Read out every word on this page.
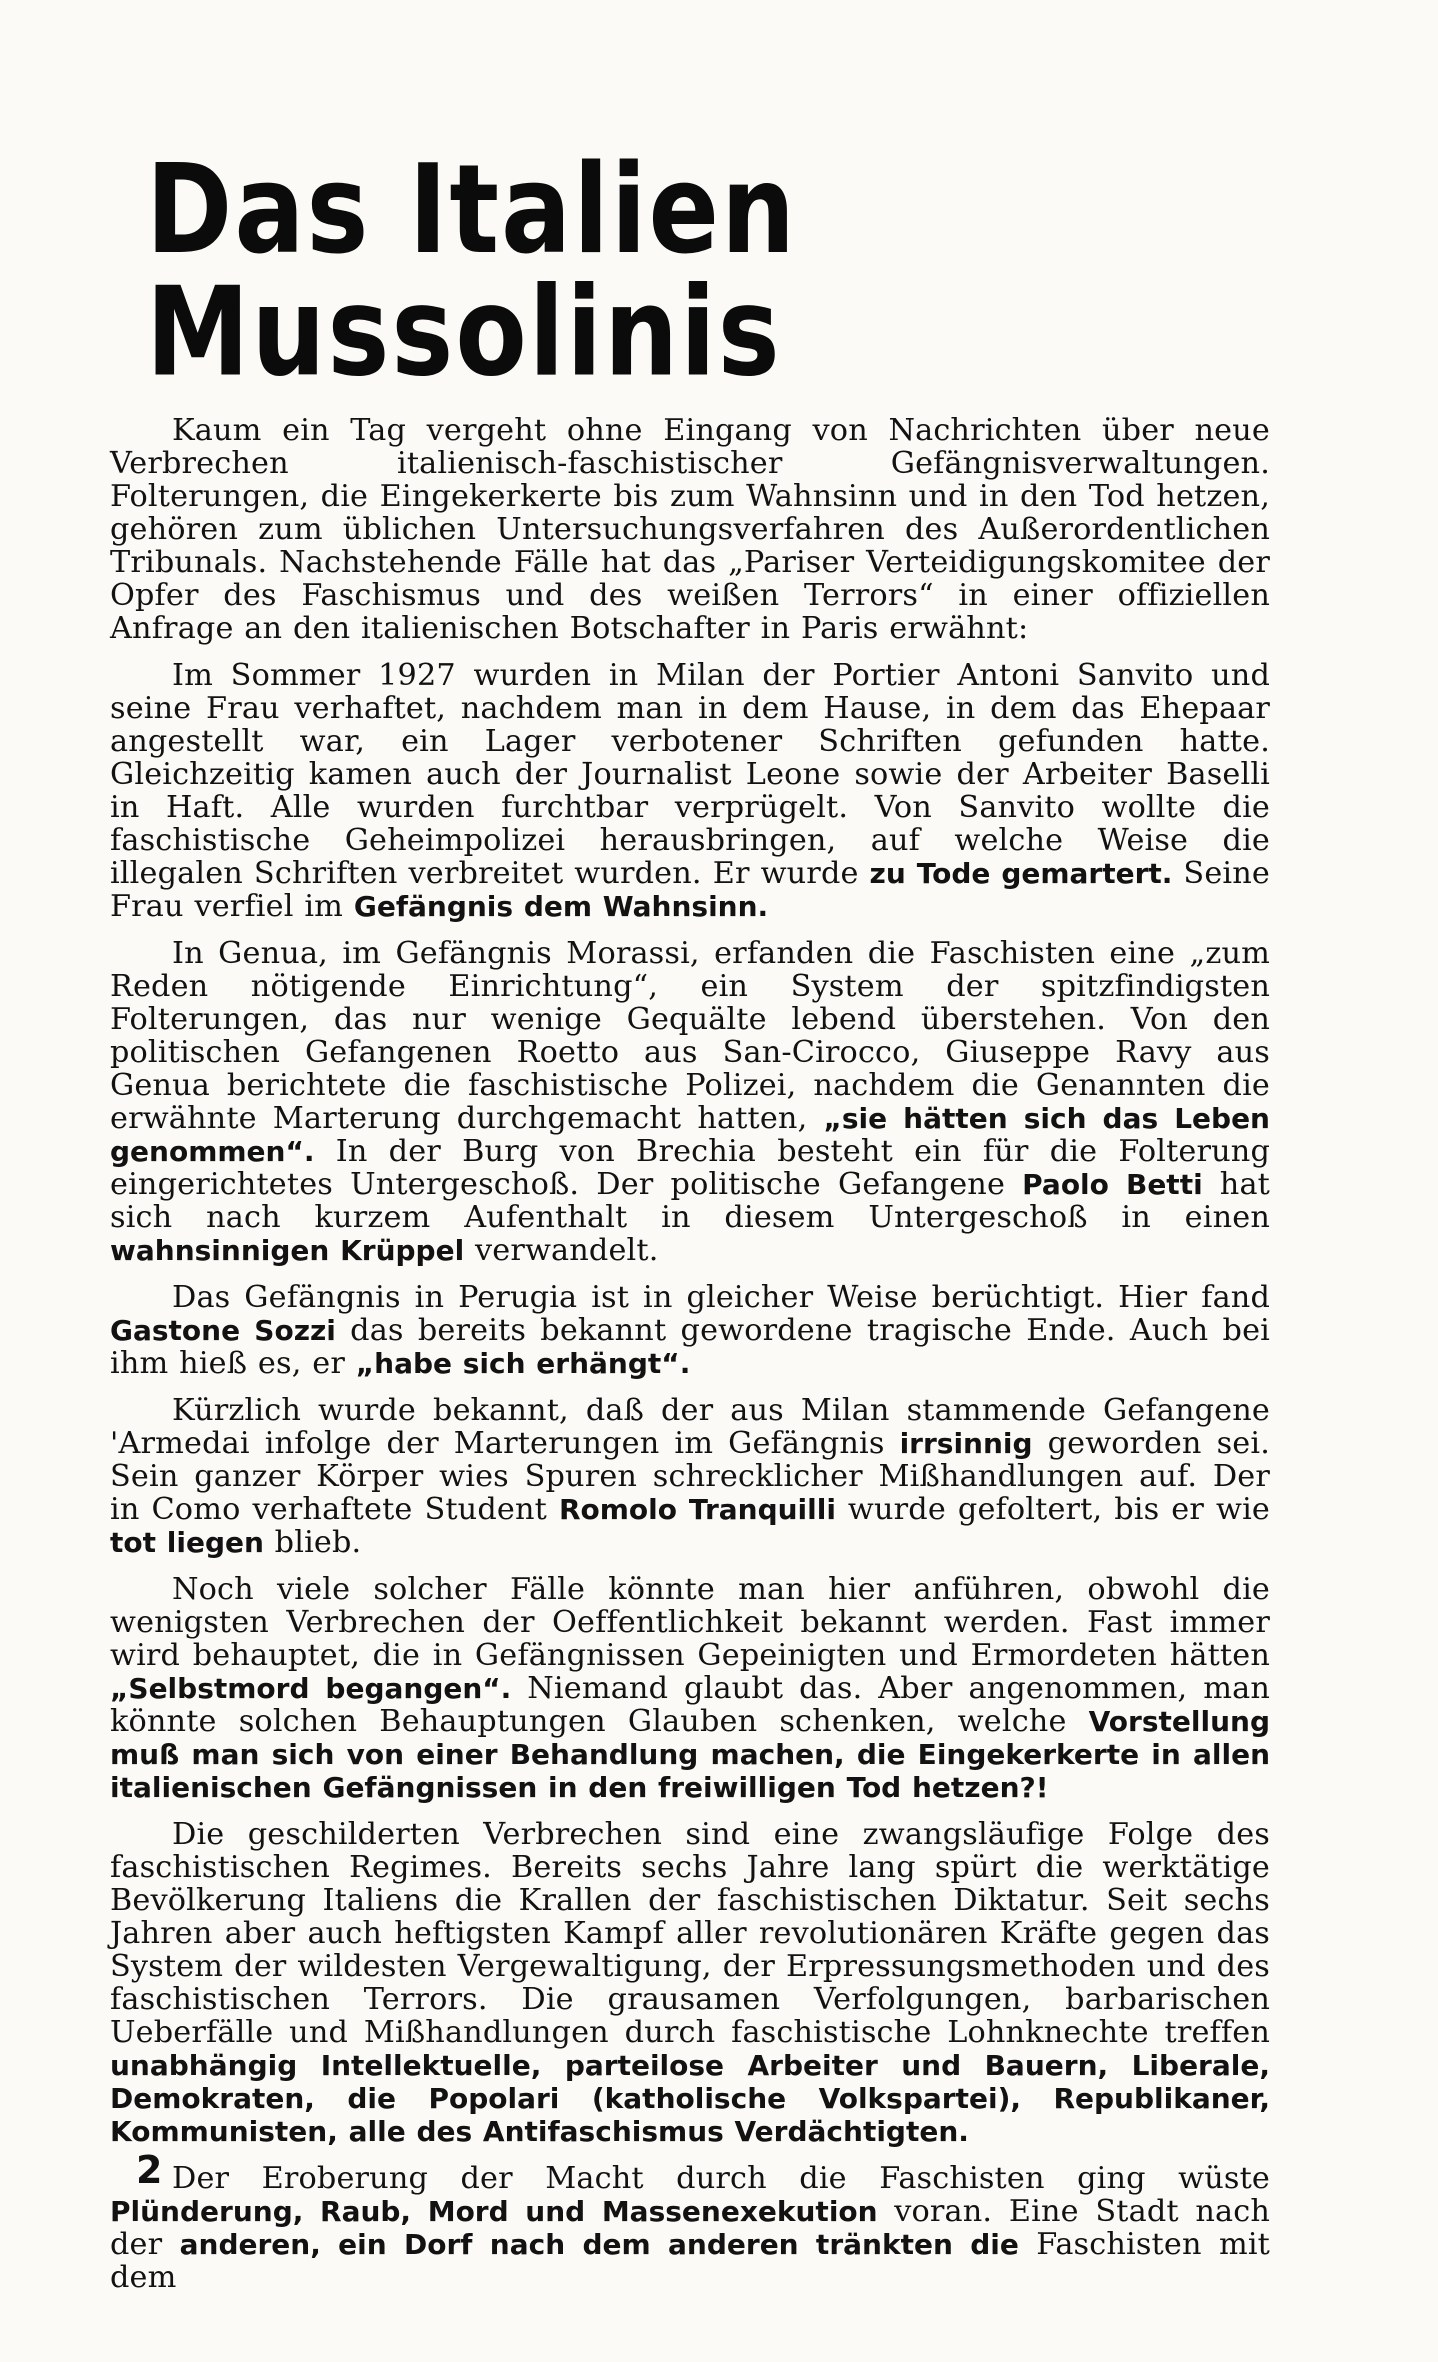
Das Italien Mussolinis

Kaum ein Tag vergeht ohne Eingang von Nachrichten über neue Verbrechen italienisch-faschistischer Gefängnisverwaltungen. Folterungen, die Eingekerkerte bis zum Wahnsinn und in den Tod hetzen, gehören zum üblichen Untersuchungsverfahren des Außerordentlichen Tribunals. Nachstehende Fälle hat das „Pariser Verteidigungskomitee der Opfer des Faschismus und des weißen Terrors“ in einer offiziellen Anfrage an den italienischen Botschafter in Paris erwähnt:

Im Sommer 1927 wurden in Milan der Portier Antoni Sanvito und seine Frau verhaftet, nachdem man in dem Hause, in dem das Ehepaar angestellt war, ein Lager verbotener Schriften gefunden hatte. Gleichzeitig kamen auch der Journalist Leone sowie der Arbeiter Baselli in Haft. Alle wurden furchtbar verprügelt. Von Sanvito wollte die faschistische Geheimpolizei herausbringen, auf welche Weise die illegalen Schriften verbreitet wurden. Er wurde zu Tode gemartert. Seine Frau verfiel im Gefängnis dem Wahnsinn.

In Genua, im Gefängnis Morassi, erfanden die Faschisten eine „zum Reden nötigende Einrichtung“, ein System der spitzfindigsten Folterungen, das nur wenige Gequälte lebend überstehen. Von den politischen Gefangenen Roetto aus San-Cirocco, Giuseppe Ravy aus Genua berichtete die faschistische Polizei, nachdem die Genannten die erwähnte Marterung durchgemacht hatten, „sie hätten sich das Leben genommen“. In der Burg von Brechia besteht ein für die Folterung eingerichtetes Untergeschoß. Der politische Gefangene Paolo Betti hat sich nach kurzem Aufenthalt in diesem Untergeschoß in einen wahnsinnigen Krüppel verwandelt.

Das Gefängnis in Perugia ist in gleicher Weise berüchtigt. Hier fand Gastone Sozzi das bereits bekannt gewordene tragische Ende. Auch bei ihm hieß es, er „habe sich erhängt“.

Kürzlich wurde bekannt, daß der aus Milan stammende Gefangene 'Armedai infolge der Marterungen im Gefängnis irrsinnig geworden sei. Sein ganzer Körper wies Spuren schrecklicher Mißhandlungen auf. Der in Como verhaftete Student Romolo Tranquilli wurde gefoltert, bis er wie tot liegen blieb.

Noch viele solcher Fälle könnte man hier anführen, obwohl die wenigsten Verbrechen der Oeffentlichkeit bekannt werden. Fast immer wird behauptet, die in Gefängnissen Gepeinigten und Ermordeten hätten „Selbstmord begangen“. Niemand glaubt das. Aber angenommen, man könnte solchen Behauptungen Glauben schenken, welche Vorstellung muß man sich von einer Behandlung machen, die Eingekerkerte in allen italienischen Gefängnissen in den freiwilligen Tod hetzen?!

Die geschilderten Verbrechen sind eine zwangsläufige Folge des faschistischen Regimes. Bereits sechs Jahre lang spürt die werktätige Bevölkerung Italiens die Krallen der faschistischen Diktatur. Seit sechs Jahren aber auch heftigsten Kampf aller revolutionären Kräfte gegen das System der wildesten Vergewaltigung, der Erpressungsmethoden und des faschistischen Terrors. Die grausamen Verfolgungen, barbarischen Ueberfälle und Mißhandlungen durch faschistische Lohnknechte treffen unabhängig Intellektuelle, parteilose Arbeiter und Bauern, Liberale, Demokraten, die Popolari (katholische Volkspartei), Republikaner, Kommunisten, alle des Antifaschismus Verdächtigten.

Der Eroberung der Macht durch die Faschisten ging wüste Plünderung, Raub, Mord und Massenexekution voran. Eine Stadt nach der anderen, ein Dorf nach dem anderen tränkten die Faschisten mit dem

2
